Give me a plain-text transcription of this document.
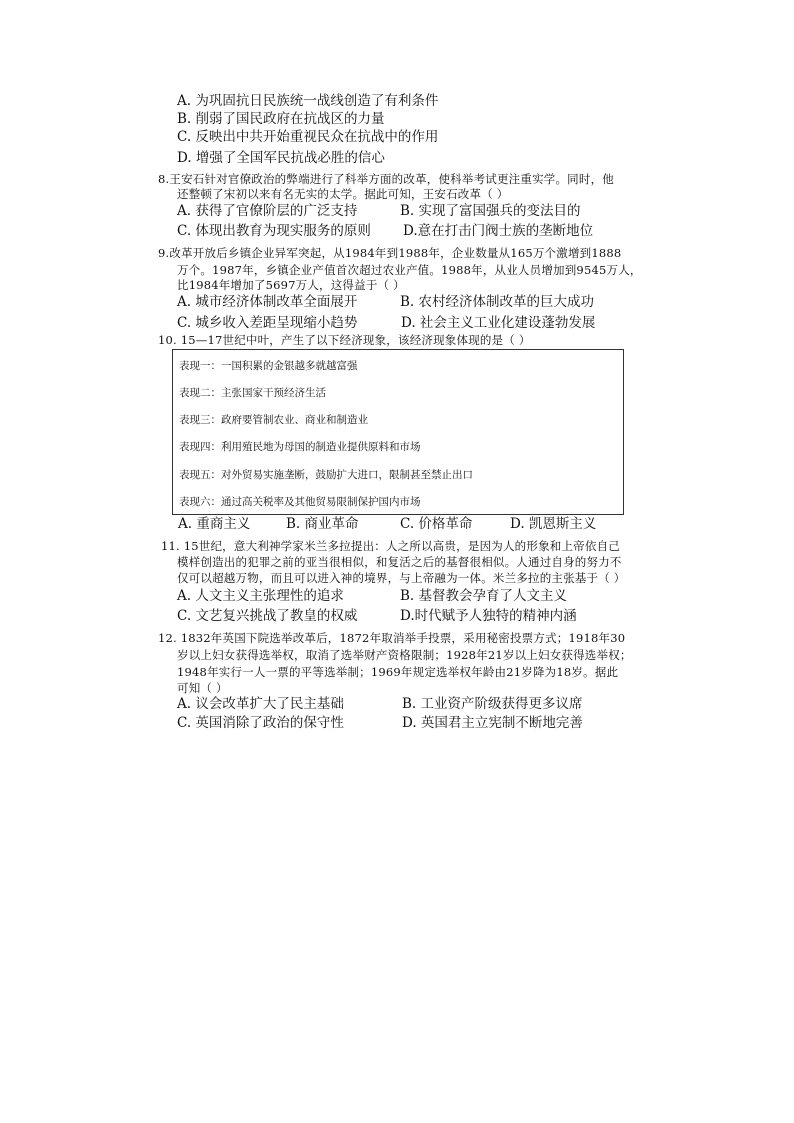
A. 为巩固抗日民族统一战线创造了有利条件
B. 削弱了国民政府在抗战区的力量
C. 反映出中共开始重视民众在抗战中的作用
D. 增强了全国军民抗战必胜的信心
8.王安石针对官僚政治的弊端进行了科举方面的改革，使科举考试更注重实学。同时，他
还整顿了宋初以来有名无实的太学。据此可知，王安石改革（ ）
A. 获得了官僚阶层的广泛支持	B. 实现了富国强兵的变法目的
C. 体现出教育为现实服务的原则 D.意在打击门阀士族的垄断地位
9.改革开放后乡镇企业异军突起，从1984年到1988年，企业数量从165万个激增到1888
万个。1987年，乡镇企业产值首次超过农业产值。1988年，从业人员增加到9545万人，
比1984年增加了5697万人，这得益于（ ）
A. 城市经济体制改革全面展开	B. 农村经济体制改革的巨大成功
C. 城乡收入差距呈现缩小趋势	D. 社会主义工业化建设蓬勃发展
10. 15—17世纪中叶，产生了以下经济现象，该经济现象体现的是（ ）
表现一：一国积累的金银越多就越富强
表现二：主张国家干预经济生活
表现三：政府要管制农业、商业和制造业
表现四：利用殖民地为母国的制造业提供原料和市场
表现五：对外贸易实施垄断，鼓励扩大进口，限制甚至禁止出口
表现六：通过高关税率及其他贸易限制保护国内市场
A. 重商主义	B. 商业革命	C. 价格革命	D. 凯恩斯主义
11. 15世纪，意大利神学家米兰多拉提出：人之所以高贵，是因为人的形象和上帝依自己
模样创造出的犯罪之前的亚当很相似，和复活之后的基督很相似。人通过自身的努力不
仅可以超越万物，而且可以进入神的境界，与上帝融为一体。米兰多拉的主张基于（ ）
A. 人文主义主张理性的追求	B. 基督教会孕育了人文主义
C. 文艺复兴挑战了教皇的权威	D.时代赋予人独特的精神内涵
12. 1832年英国下院选举改革后，1872年取消举手投票，采用秘密投票方式；1918年30
岁以上妇女获得选举权，取消了选举财产资格限制；1928年21岁以上妇女获得选举权；
1948年实行一人一票的平等选举制；1969年规定选举权年龄由21岁降为18岁。据此
可知（ ）
A. 议会改革扩大了民主基础	B. 工业资产阶级获得更多议席
C. 英国消除了政治的保守性	D. 英国君主立宪制不断地完善
